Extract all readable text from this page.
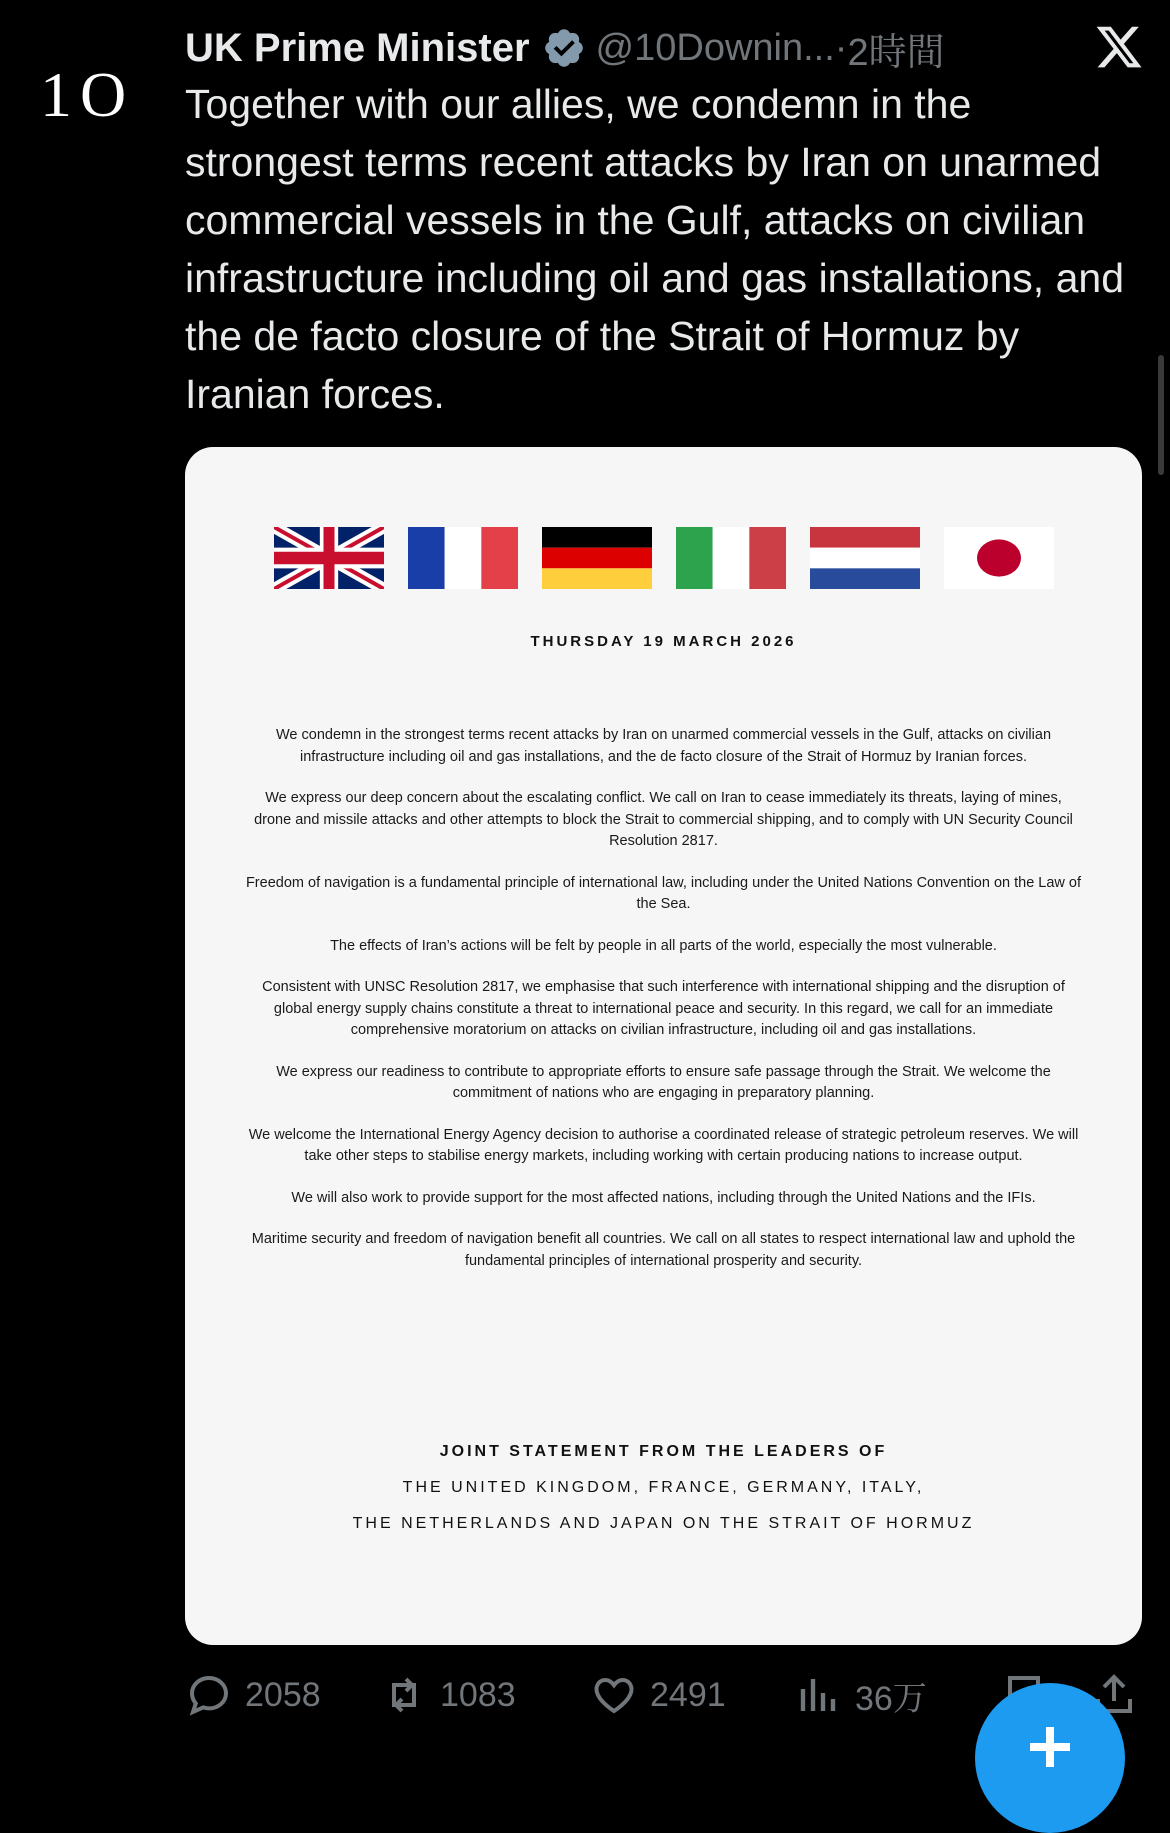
1O
UK Prime Minister @10Downin... · 2時間
Together with our allies, we condemn in the strongest terms recent attacks by Iran on unarmed commercial vessels in the Gulf, attacks on civilian infrastructure including oil and gas installations, and the de facto closure of the Strait of Hormuz by Iranian forces.
THURSDAY 19 MARCH 2026

We condemn in the strongest terms recent attacks by Iran on unarmed commercial vessels in the Gulf, attacks on civilian infrastructure including oil and gas installations, and the de facto closure of the Strait of Hormuz by Iranian forces.

We express our deep concern about the escalating conflict. We call on Iran to cease immediately its threats, laying of mines, drone and missile attacks and other attempts to block the Strait to commercial shipping, and to comply with UN Security Council Resolution 2817.

Freedom of navigation is a fundamental principle of international law, including under the United Nations Convention on the Law of the Sea.

The effects of Iran’s actions will be felt by people in all parts of the world, especially the most vulnerable.

Consistent with UNSC Resolution 2817, we emphasise that such interference with international shipping and the disruption of global energy supply chains constitute a threat to international peace and security. In this regard, we call for an immediate comprehensive moratorium on attacks on civilian infrastructure, including oil and gas installations.

We express our readiness to contribute to appropriate efforts to ensure safe passage through the Strait. We welcome the commitment of nations who are engaging in preparatory planning.

We welcome the International Energy Agency decision to authorise a coordinated release of strategic petroleum reserves. We will take other steps to stabilise energy markets, including working with certain producing nations to increase output.

We will also work to provide support for the most affected nations, including through the United Nations and the IFIs.

Maritime security and freedom of navigation benefit all countries. We call on all states to respect international law and uphold the fundamental principles of international prosperity and security.

JOINT STATEMENT FROM THE LEADERS OF
THE UNITED KINGDOM, FRANCE, GERMANY, ITALY,
THE NETHERLANDS AND JAPAN ON THE STRAIT OF HORMUZ
2058	1083	2491	36万
